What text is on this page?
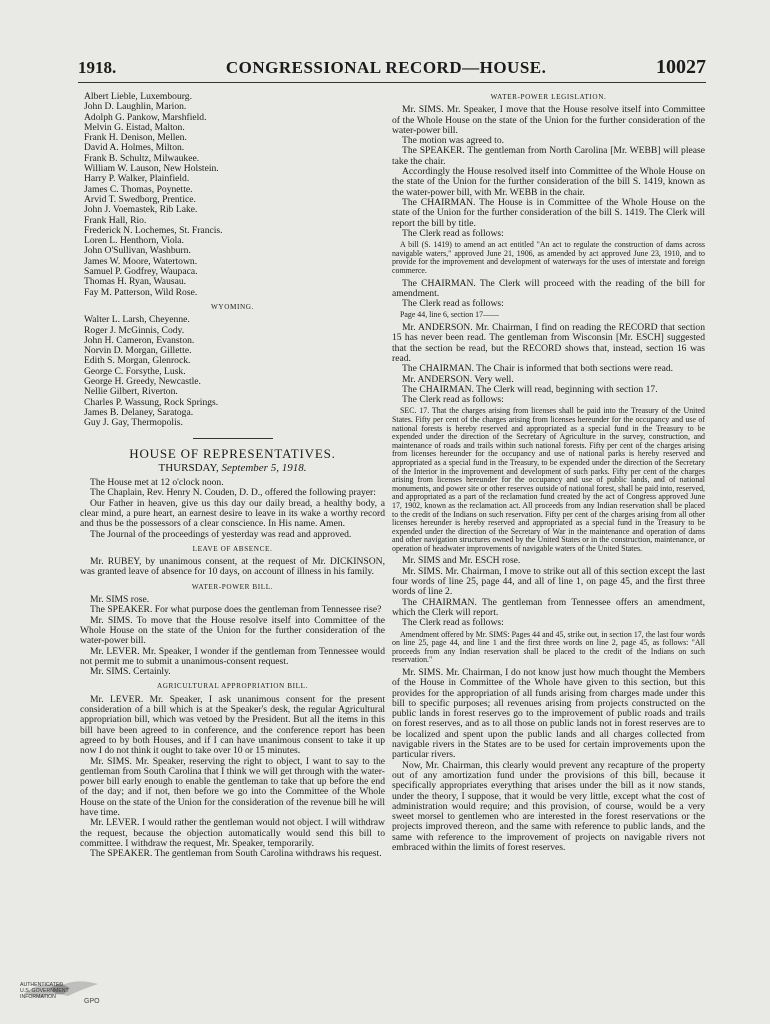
1918.	CONGRESSIONAL RECORD—HOUSE.	10027

Albert Lieble, Luxembourg.

John D. Laughlin, Marion.

Adolph G. Pankow, Marshfield.

Melvin G. Eistad, Malton.

Frank H. Denison, Mellen.

David A. Holmes, Milton.

Frank B. Schultz, Milwaukee.

William W. Lauson, New Holstein.

Harry P. Walker, Plainfield.

James C. Thomas, Poynette.

Arvid T. Swedborg, Prentice.

John J. Voemastek, Rib Lake.

Frank Hall, Rio.

Frederick N. Lochemes, St. Francis.

Loren L. Henthorn, Viola.

John O'Sullivan, Washburn.

James W. Moore, Watertown.

Samuel P. Godfrey, Waupaca.

Thomas H. Ryan, Wausau.

Fay M. Patterson, Wild Rose.

WYOMING.

Walter L. Larsh, Cheyenne.

Roger J. McGinnis, Cody.

John H. Cameron, Evanston.

Norvin D. Morgan, Gillette.

Edith S. Morgan, Glenrock.

George C. Forsythe, Lusk.

George H. Greedy, Newcastle.

Nellie Gilbert, Riverton.

Charles P. Wassung, Rock Springs.

James B. Delaney, Saratoga.

Guy J. Gay, Thermopolis.

HOUSE OF REPRESENTATIVES.
THURSDAY, September 5, 1918.

The House met at 12 o'clock noon.

The Chaplain, Rev. Henry N. Couden, D. D., offered the following prayer:

Our Father in heaven, give us this day our daily bread, a healthy body, a clear mind, a pure heart, an earnest desire to leave in its wake a worthy record and thus be the possessors of a clear conscience. In His name. Amen.

The Journal of the proceedings of yesterday was read and approved.

LEAVE OF ABSENCE.

Mr. RUBEY, by unanimous consent, at the request of Mr. DICKINSON, was granted leave of absence for 10 days, on account of illness in his family.

WATER-POWER BILL.

Mr. SIMS rose.

The SPEAKER. For what purpose does the gentleman from Tennessee rise?

Mr. SIMS. To move that the House resolve itself into Committee of the Whole House on the state of the Union for the further consideration of the water-power bill.

Mr. LEVER. Mr. Speaker, I wonder if the gentleman from Tennessee would not permit me to submit a unanimous-consent request.

Mr. SIMS. Certainly.

AGRICULTURAL APPROPRIATION BILL.

Mr. LEVER. Mr. Speaker, I ask unanimous consent for the present consideration of a bill which is at the Speaker's desk, the regular Agricultural appropriation bill, which was vetoed by the President. But all the items in this bill have been agreed to in conference, and the conference report has been agreed to by both Houses, and if I can have unanimous consent to take it up now I do not think it ought to take over 10 or 15 minutes.

Mr. SIMS. Mr. Speaker, reserving the right to object, I want to say to the gentleman from South Carolina that I think we will get through with the water-power bill early enough to enable the gentleman to take that up before the end of the day; and if not, then before we go into the Committee of the Whole House on the state of the Union for the consideration of the revenue bill he will have time.

Mr. LEVER. I would rather the gentleman would not object. I will withdraw the request, because the objection automatically would send this bill to committee. I withdraw the request, Mr. Speaker, temporarily.

The SPEAKER. The gentleman from South Carolina withdraws his request.

WATER-POWER LEGISLATION.

Mr. SIMS. Mr. Speaker, I move that the House resolve itself into Committee of the Whole House on the state of the Union for the further consideration of the water-power bill.

The motion was agreed to.

The SPEAKER. The gentleman from North Carolina [Mr. WEBB] will please take the chair.

Accordingly the House resolved itself into Committee of the Whole House on the state of the Union for the further consideration of the bill S. 1419, known as the water-power bill, with Mr. WEBB in the chair.

The CHAIRMAN. The House is in Committee of the Whole House on the state of the Union for the further consideration of the bill S. 1419. The Clerk will report the bill by title.

The Clerk read as follows:

A bill (S. 1419) to amend an act entitled "An act to regulate the construction of dams across navigable waters," approved June 21, 1906, as amended by act approved June 23, 1910, and to provide for the improvement and development of waterways for the uses of interstate and foreign commerce.

The CHAIRMAN. The Clerk will proceed with the reading of the bill for amendment.

The Clerk read as follows:

Page 44, line 6, section 17——

Mr. ANDERSON. Mr. Chairman, I find on reading the RECORD that section 15 has never been read. The gentleman from Wisconsin [Mr. ESCH] suggested that the section be read, but the RECORD shows that, instead, section 16 was read.

The CHAIRMAN. The Chair is informed that both sections were read.

Mr. ANDERSON. Very well.

The CHAIRMAN. The Clerk will read, beginning with section 17.

The Clerk read as follows:

SEC. 17. That the charges arising from licenses shall be paid into the Treasury of the United States. Fifty per cent of the charges arising from licenses hereunder for the occupancy and use of national forests is hereby reserved and appropriated as a special fund in the Treasury to be expended under the direction of the Secretary of Agriculture in the survey, construction, and maintenance of roads and trails within such national forests. Fifty per cent of the charges arising from licenses hereunder for the occupancy and use of national parks is hereby reserved and appropriated as a special fund in the Treasury, to be expended under the direction of the Secretary of the Interior in the improvement and development of such parks. Fifty per cent of the charges arising from licenses hereunder for the occupancy and use of public lands, and of national monuments, and power site or other reserves outside of national forest, shall be paid into, reserved, and appropriated as a part of the reclamation fund created by the act of Congress approved June 17, 1902, known as the reclamation act. All proceeds from any Indian reservation shall be placed to the credit of the Indians on such reservation. Fifty per cent of the charges arising from all other licenses hereunder is hereby reserved and appropriated as a special fund in the Treasury to be expended under the direction of the Secretary of War in the maintenance and operation of dams and other navigation structures owned by the United States or in the construction, maintenance, or operation of headwater improvements of navigable waters of the United States.

Mr. SIMS and Mr. ESCH rose.

Mr. SIMS. Mr. Chairman, I move to strike out all of this section except the last four words of line 25, page 44, and all of line 1, on page 45, and the first three words of line 2.

The CHAIRMAN. The gentleman from Tennessee offers an amendment, which the Clerk will report.

The Clerk read as follows:

Amendment offered by Mr. SIMS: Pages 44 and 45, strike out, in section 17, the last four words on line 25, page 44, and line 1 and the first three words on line 2, page 45, as follows: "All proceeds from any Indian reservation shall be placed to the credit of the Indians on such reservation."

Mr. SIMS. Mr. Chairman, I do not know just how much thought the Members of the House in Committee of the Whole have given to this section, but this provides for the appropriation of all funds arising from charges made under this bill to specific purposes; all revenues arising from projects constructed on the public lands in forest reserves go to the improvement of public roads and trails on forest reserves, and as to all those on public lands not in forest reserves are to be localized and spent upon the public lands and all charges collected from navigable rivers in the States are to be used for certain improvements upon the particular rivers.

Now, Mr. Chairman, this clearly would prevent any recapture of the property out of any amortization fund under the provisions of this bill, because it specifically appropriates everything that arises under the bill as it now stands, under the theory, I suppose, that it would be very little, except what the cost of administration would require; and this provision, of course, would be a very sweet morsel to gentlemen who are interested in the forest reservations or the projects improved thereon, and the same with reference to public lands, and the same with reference to the improvement of projects on navigable rivers not embraced within the limits of forest reserves.

AUTHENTICATED
U.S. GOVERNMENT
INFORMATION
GPO
